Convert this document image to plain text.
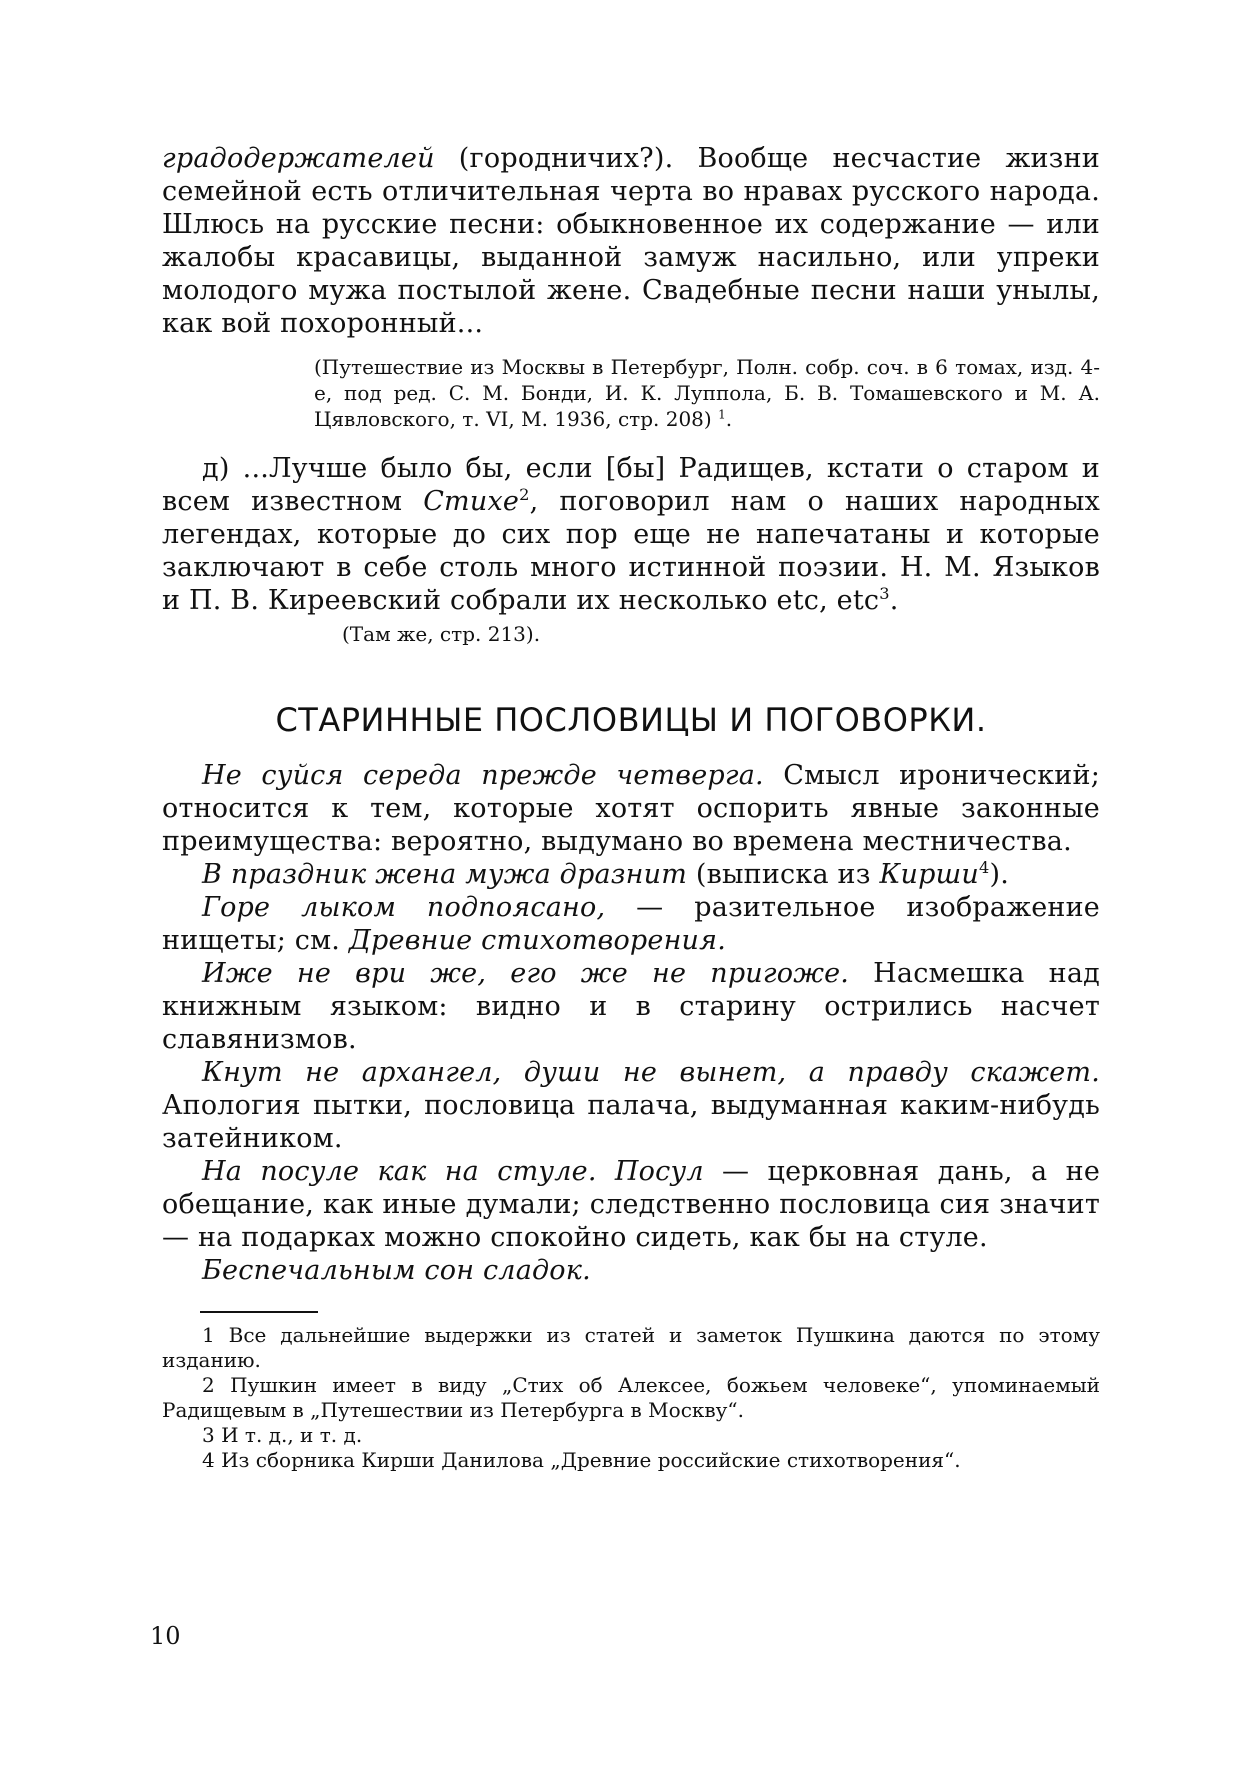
градодержателей (городничих?). Вообще несчастие жизни семейной есть отличительная черта во нравах русского народа. Шлюсь на русские песни: обыкновенное их содержание — или жалобы красавицы, выданной замуж насильно, или упреки молодого мужа постылой жене. Свадебные песни наши унылы, как вой похоронный...

(Путешествие из Москвы в Петербург, Полн. собр. соч. в 6 томах, изд. 4-е, под ред. С. М. Бонди, И. К. Луппола, Б. В. Томашевского и М. А. Цявловского, т. VI, М. 1936, стр. 208) $^1$.

д) ...Лучше было бы, если [бы] Радищев, кстати о старом и всем известном Стихе$^2$, поговорил нам о наших народных легендах, которые до сих пор еще не напечатаны и которые заключают в себе столь много истинной поэзии. Н. М. Языков и П. В. Киреевский собрали их несколько etc, etc$^3$.

(Там же, стр. 213).
СТАРИННЫЕ ПОСЛОВИЦЫ И ПОГОВОРКИ.

Не суйся середа прежде четверга. Смысл иронический; относится к тем, которые хотят оспорить явные законные преимущества: вероятно, выдумано во времена местничества.

В праздник жена мужа дразнит (выписка из Кирши$^4$).

Горе лыком подпоясано, — разительное изображение нищеты; см. Древние стихотворения.

Иже не ври же, его же не пригоже. Насмешка над книжным языком: видно и в старину острились насчет славянизмов.

Кнут не архангел, души не вынет, а правду скажет. Апология пытки, пословица палача, выдуманная каким-нибудь затейником.

На посуле как на стуле. Посул — церковная дань, а не обещание, как иные думали; следственно пословица сия значит — на подарках можно спокойно сидеть, как бы на стуле.

Беспечальным сон сладок.

1 Все дальнейшие выдержки из статей и заметок Пушкина даются по этому изданию.

2 Пушкин имеет в виду „Стих об Алексее, божьем человеке“, упоминаемый Радищевым в „Путешествии из Петербурга в Москву“.

3 И т. д., и т. д.

4 Из сборника Кирши Данилова „Древние российские стихотворения“.

10
